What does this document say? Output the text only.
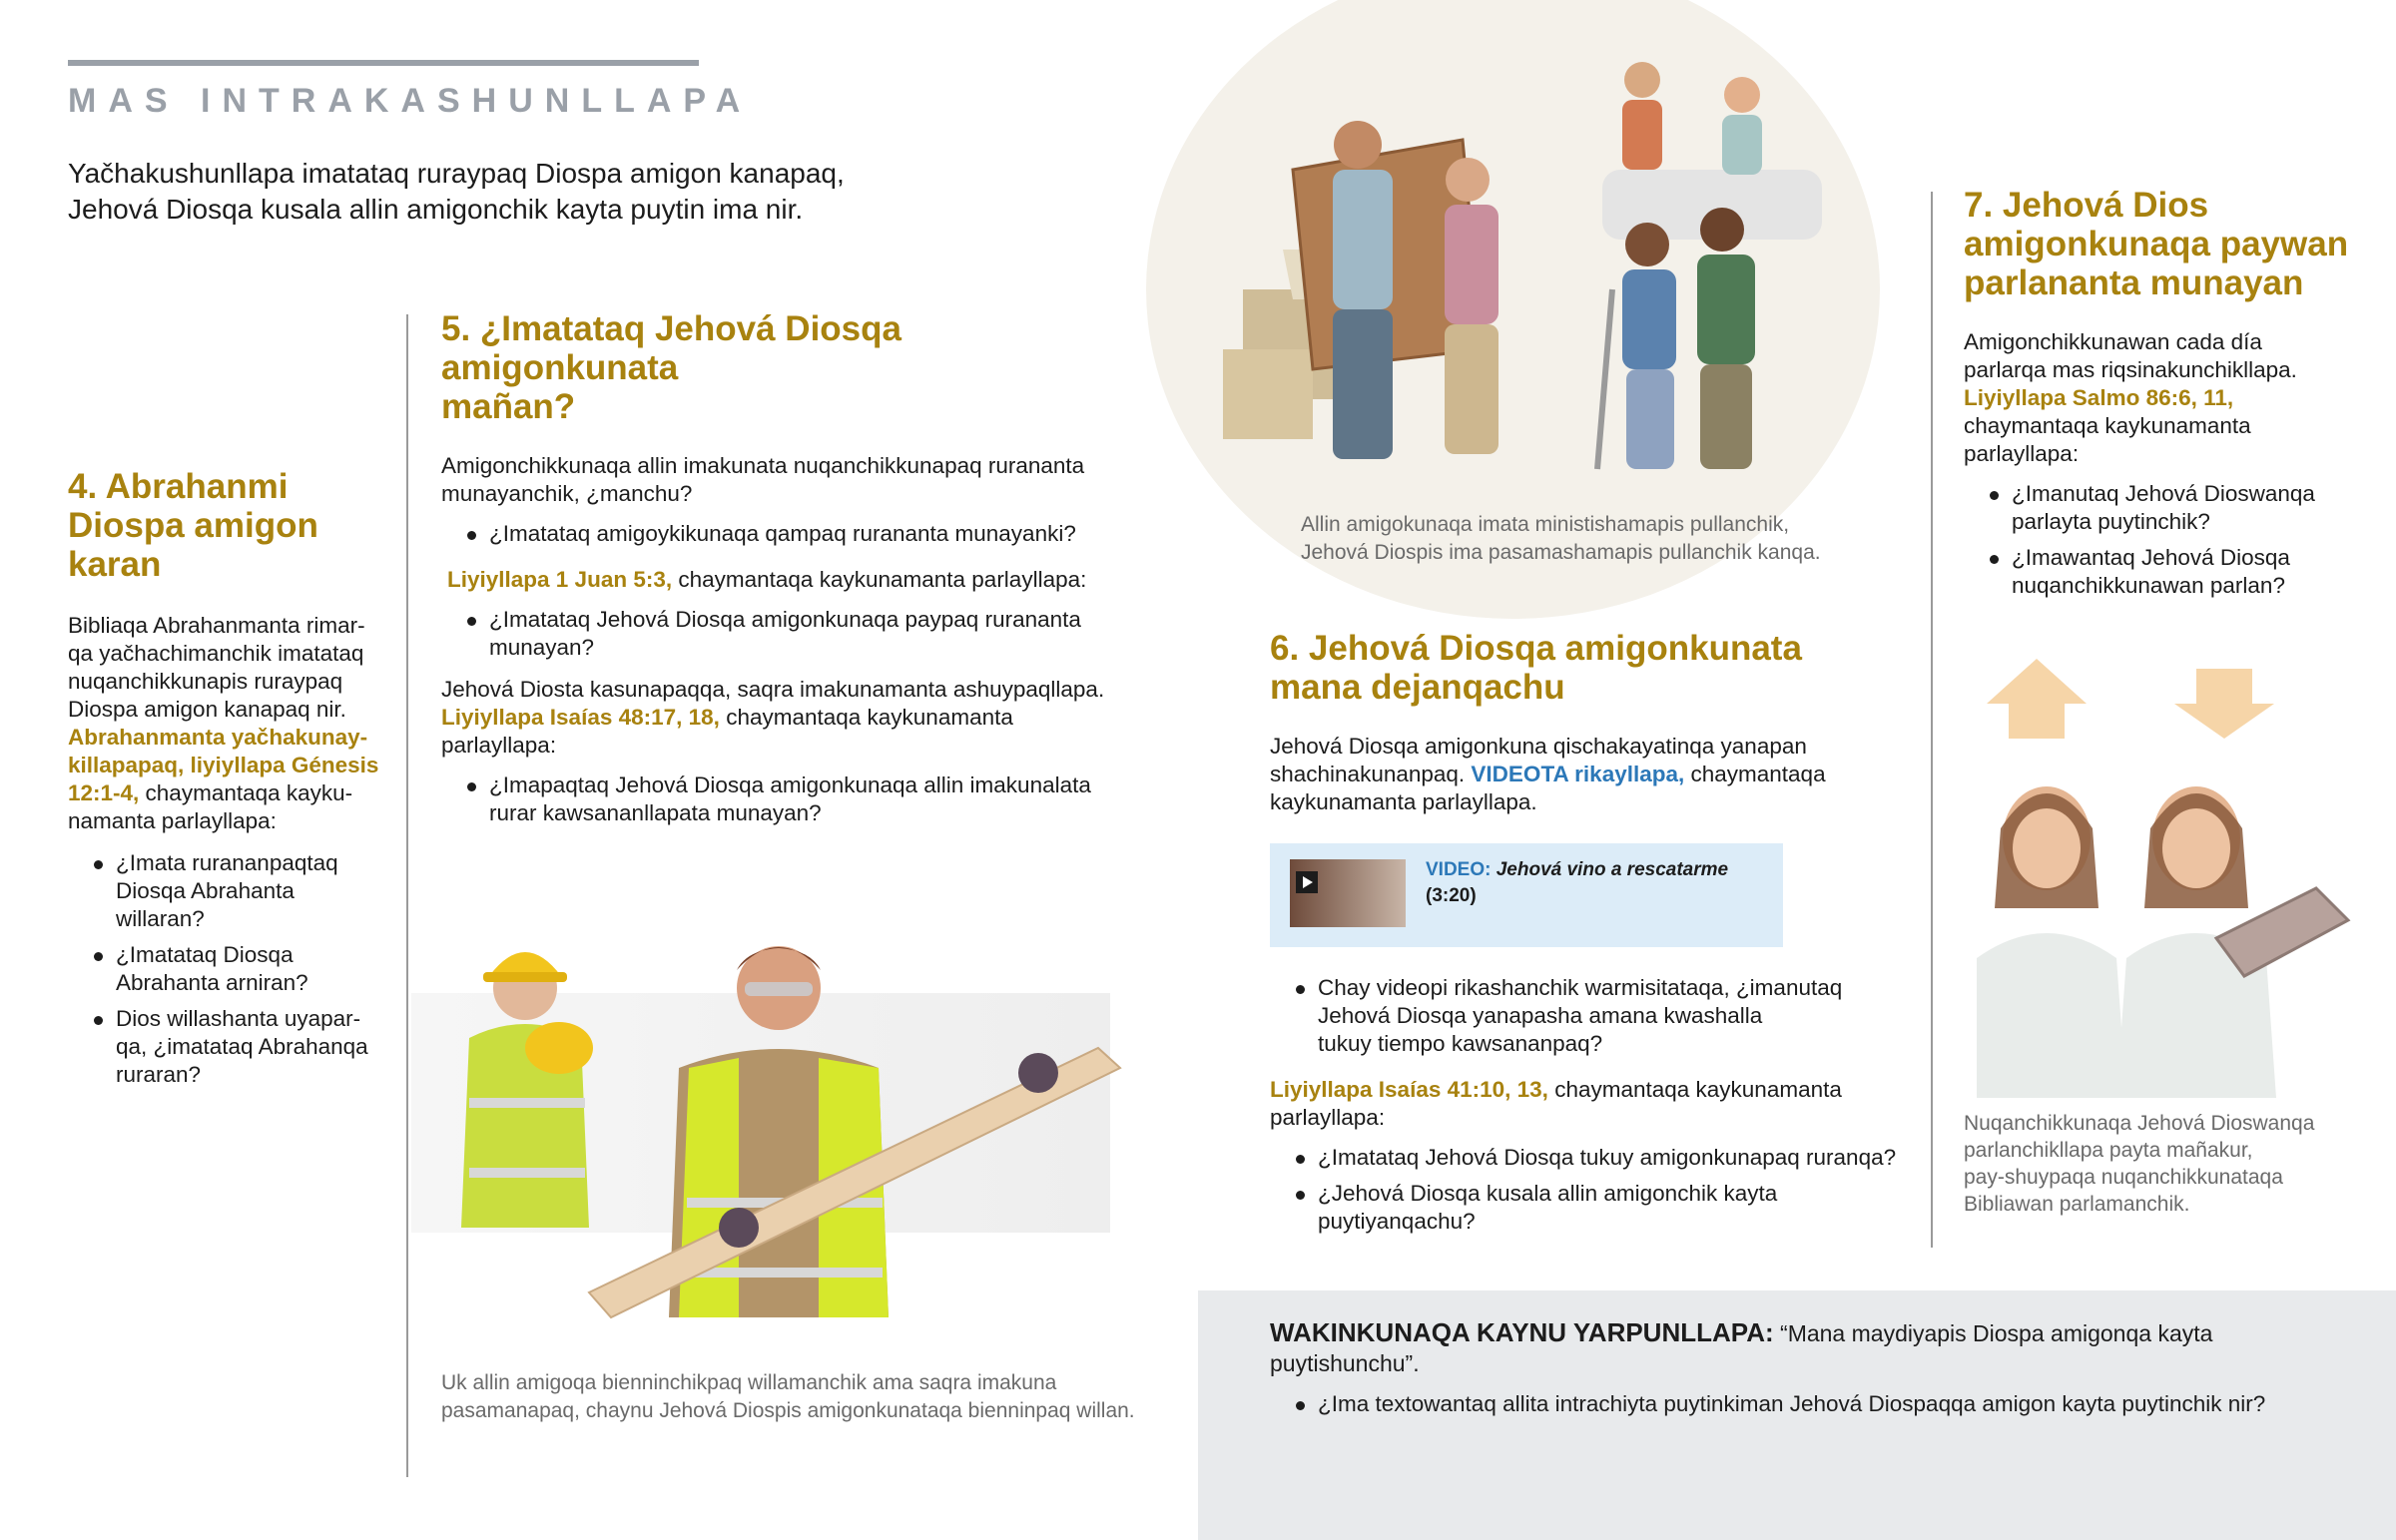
MAS INTRAKASHUNLLAPA
Yačhakushunllapa imatataq ruraypaq Diospa amigon kanapaq,
Jehová Diosqa kusala allin amigonchik kayta puytin ima nir.
4. Abrahanmi
Diospa amigon
karan
Bibliaqa Abrahanmanta rimar-
qa yačhachimanchik imatataq
nuqanchikkunapis ruraypaq
Diospa amigon kanapaq nir.
Abrahanmanta yačhakunay-
killapapaq, liyiyllapa Génesis
12:1-4, chaymantaqa kayku-
namanta parlayllapa:
¿Imata rurananpaqtaq
Diosqa Abrahanta
willaran?
¿Imatataq Diosqa
Abrahanta arniran?
Dios willashanta uyapar-
qa, ¿imatataq Abrahanqa
ruraran?
5. ¿Imatataq Jehová Diosqa amigonkunata
mañan?
Amigonchikkunaqa allin imakunata nuqanchikkunapaq rurananta
munayanchik, ¿manchu?
¿Imatataq amigoykikunaqa qampaq rurananta munayanki?
Liyiyllapa 1 Juan 5:3, chaymantaqa kaykunamanta parlayllapa:
¿Imatataq Jehová Diosqa amigonkunaqa paypaq rurananta
munayan?
Jehová Diosta kasunapaqqa, saqra imakunamanta ashuypaqllapa.
Liyiyllapa Isaías 48:17, 18, chaymantaqa kaykunamanta
parlayllapa:
¿Imapaqtaq Jehová Diosqa amigonkunaqa allin imakunalata
rurar kawsananllapata munayan?
Uk allin amigoqa bienninchikpaq willamanchik ama saqra imakuna
pasamanapaq, chaynu Jehová Diospis amigonkunataqa bienninpaq willan.
Allin amigokunaqa imata ministishamapis pullanchik,
Jehová Diospis ima pasamashamapis pullanchik kanqa.
6. Jehová Diosqa amigonkunata
mana dejanqachu
Jehová Diosqa amigonkuna qischakayatinqa yanapan
shachinakunanpaq. VIDEOTA rikayllapa, chaymantaqa
kaykunamanta parlayllapa.
VIDEO: Jehová vino a rescatarme
(3:20)
Chay videopi rikashanchik warmisitataqa, ¿imanutaq
Jehová Diosqa yanapasha amana kwashalla
tukuy tiempo kawsananpaq?
Liyiyllapa Isaías 41:10, 13, chaymantaqa kaykunamanta
parlayllapa:
¿Imatataq Jehová Diosqa tukuy amigonkunapaq ruranqa?
¿Jehová Diosqa kusala allin amigonchik kayta
puytiyanqachu?
7. Jehová Dios
amigonkunaqa paywan
parlananta munayan
Amigonchikkunawan cada día
parlarqa mas riqsinakunchikllapa.
Liyiyllapa Salmo 86:6, 11,
chaymantaqa kaykunamanta
parlayllapa:
¿Imanutaq Jehová Dioswanqa
parlayta puytinchik?
¿Imawantaq Jehová Diosqa
nuqanchikkunawan parlan?
Nuqanchikkunaqa Jehová Dioswanqa
parlanchikllapa payta mañakur,
pay-shuypaqa nuqanchikkunataqa
Bibliawan parlamanchik.
WAKINKUNAQA KAYNU YARPUNLLAPA: “Mana maydiyapis Diospa amigonqa kayta
puytishunchu”.
¿Ima textowantaq allita intrachiyta puytinkiman Jehová Diospaqqa amigon kayta puytinchik nir?
